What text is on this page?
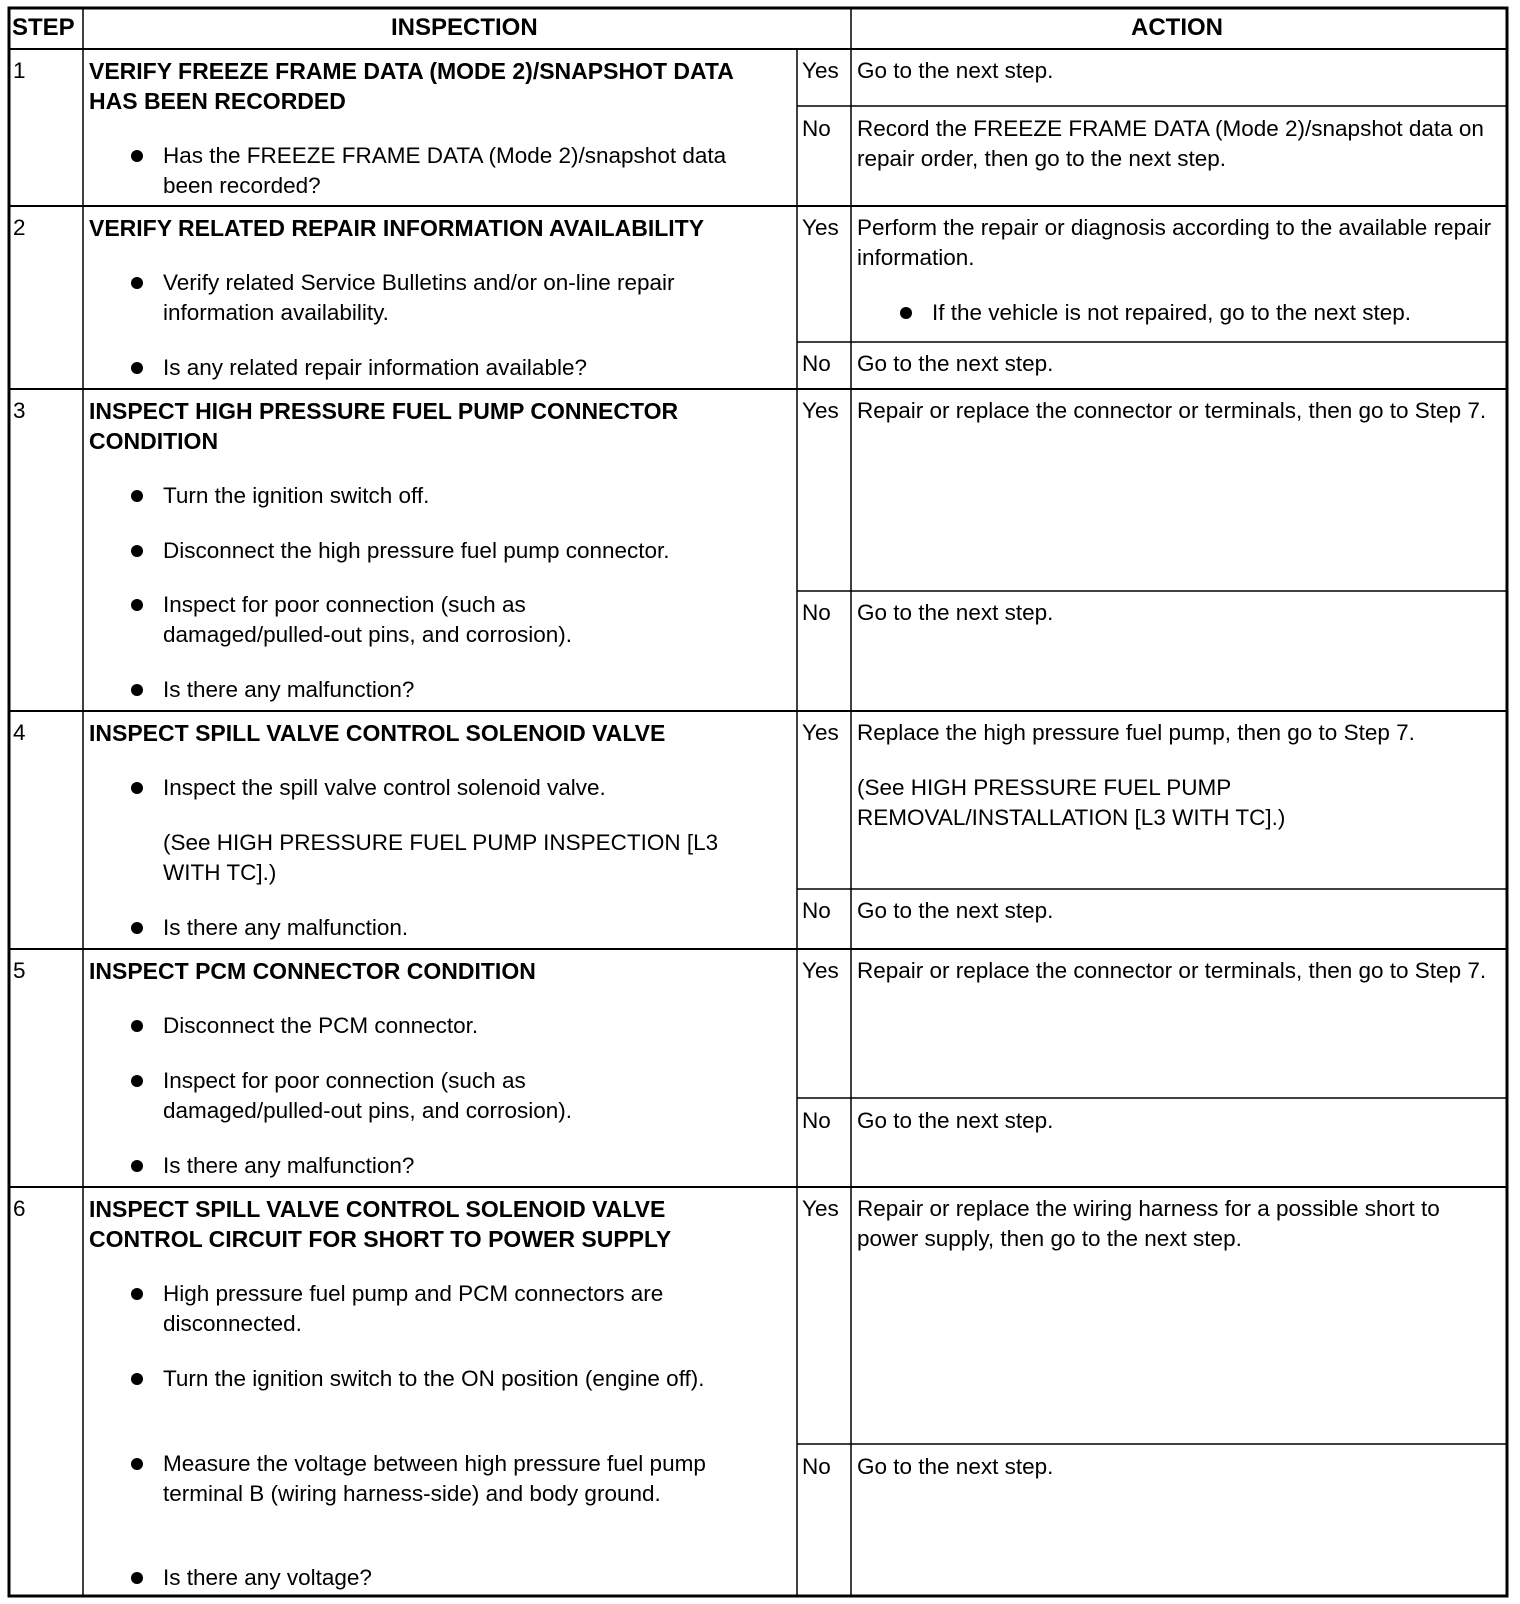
STEP	INSPECTION	ACTION
1	VERIFY FREEZE FRAME DATA (MODE 2)/SNAPSHOT DATA HAS BEEN RECORDED
Has the FREEZE FRAME DATA (Mode 2)/snapshot data been recorded?
Yes Go to the next step.
No Record the FREEZE FRAME DATA (Mode 2)/snapshot data on repair order, then go to the next step.
2	VERIFY RELATED REPAIR INFORMATION AVAILABILITY
Verify related Service Bulletins and/or on-line repair information availability.
Is any related repair information available?
Yes Perform the repair or diagnosis according to the available repair information.
If the vehicle is not repaired, go to the next step.
No Go to the next step.
3	INSPECT HIGH PRESSURE FUEL PUMP CONNECTOR CONDITION
Turn the ignition switch off.
Disconnect the high pressure fuel pump connector.
Inspect for poor connection (such as damaged/pulled-out pins, and corrosion).
Is there any malfunction?
Yes Repair or replace the connector or terminals, then go to Step 7.
No Go to the next step.
4	INSPECT SPILL VALVE CONTROL SOLENOID VALVE
Inspect the spill valve control solenoid valve.
(See HIGH PRESSURE FUEL PUMP INSPECTION [L3 WITH TC].)
Is there any malfunction.
Yes Replace the high pressure fuel pump, then go to Step 7.
(See HIGH PRESSURE FUEL PUMP REMOVAL/INSTALLATION [L3 WITH TC].)
No Go to the next step.
5	INSPECT PCM CONNECTOR CONDITION
Disconnect the PCM connector.
Inspect for poor connection (such as damaged/pulled-out pins, and corrosion).
Is there any malfunction?
Yes Repair or replace the connector or terminals, then go to Step 7.
No Go to the next step.
6	INSPECT SPILL VALVE CONTROL SOLENOID VALVE CONTROL CIRCUIT FOR SHORT TO POWER SUPPLY
High pressure fuel pump and PCM connectors are disconnected.
Turn the ignition switch to the ON position (engine off).
Measure the voltage between high pressure fuel pump terminal B (wiring harness-side) and body ground.
Is there any voltage?
Yes Repair or replace the wiring harness for a possible short to power supply, then go to the next step.
No Go to the next step.
